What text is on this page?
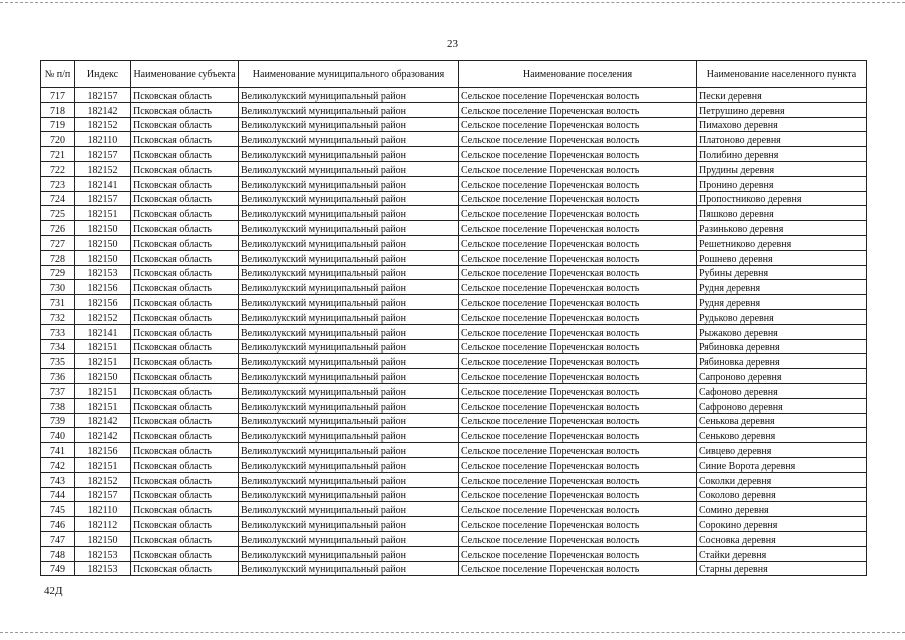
23
№ п/п	Индекс	Наименование субъекта	Наименование муниципального образования	Наименование поселения	Наименование населенного пункта
717	182157	Псковская область	Великолукский муниципальный район	Сельское поселение Пореченская волость	Пески деревня
718	182142	Псковская область	Великолукский муниципальный район	Сельское поселение Пореченская волость	Петрушино деревня
719	182152	Псковская область	Великолукский муниципальный район	Сельское поселение Пореченская волость	Пимахово деревня
720	182110	Псковская область	Великолукский муниципальный район	Сельское поселение Пореченская волость	Платоново деревня
721	182157	Псковская область	Великолукский муниципальный район	Сельское поселение Пореченская волость	Полибино деревня
722	182152	Псковская область	Великолукский муниципальный район	Сельское поселение Пореченская волость	Прудины деревня
723	182141	Псковская область	Великолукский муниципальный район	Сельское поселение Пореченская волость	Пронино деревня
724	182157	Псковская область	Великолукский муниципальный район	Сельское поселение Пореченская волость	Пропостниково деревня
725	182151	Псковская область	Великолукский муниципальный район	Сельское поселение Пореченская волость	Пяшково деревня
726	182150	Псковская область	Великолукский муниципальный район	Сельское поселение Пореченская волость	Разиньково деревня
727	182150	Псковская область	Великолукский муниципальный район	Сельское поселение Пореченская волость	Решетниково деревня
728	182150	Псковская область	Великолукский муниципальный район	Сельское поселение Пореченская волость	Рошнево деревня
729	182153	Псковская область	Великолукский муниципальный район	Сельское поселение Пореченская волость	Рубины деревня
730	182156	Псковская область	Великолукский муниципальный район	Сельское поселение Пореченская волость	Рудня деревня
731	182156	Псковская область	Великолукский муниципальный район	Сельское поселение Пореченская волость	Рудня деревня
732	182152	Псковская область	Великолукский муниципальный район	Сельское поселение Пореченская волость	Рудьково деревня
733	182141	Псковская область	Великолукский муниципальный район	Сельское поселение Пореченская волость	Рыжаково деревня
734	182151	Псковская область	Великолукский муниципальный район	Сельское поселение Пореченская волость	Рябиновка деревня
735	182151	Псковская область	Великолукский муниципальный район	Сельское поселение Пореченская волость	Рябиновка деревня
736	182150	Псковская область	Великолукский муниципальный район	Сельское поселение Пореченская волость	Сапроново деревня
737	182151	Псковская область	Великолукский муниципальный район	Сельское поселение Пореченская волость	Сафоново деревня
738	182151	Псковская область	Великолукский муниципальный район	Сельское поселение Пореченская волость	Сафроново деревня
739	182142	Псковская область	Великолукский муниципальный район	Сельское поселение Пореченская волость	Сенькова деревня
740	182142	Псковская область	Великолукский муниципальный район	Сельское поселение Пореченская волость	Сеньково деревня
741	182156	Псковская область	Великолукский муниципальный район	Сельское поселение Пореченская волость	Сивцево деревня
742	182151	Псковская область	Великолукский муниципальный район	Сельское поселение Пореченская волость	Синие Ворота деревня
743	182152	Псковская область	Великолукский муниципальный район	Сельское поселение Пореченская волость	Соколки деревня
744	182157	Псковская область	Великолукский муниципальный район	Сельское поселение Пореченская волость	Соколово деревня
745	182110	Псковская область	Великолукский муниципальный район	Сельское поселение Пореченская волость	Сомино деревня
746	182112	Псковская область	Великолукский муниципальный район	Сельское поселение Пореченская волость	Сорокино деревня
747	182150	Псковская область	Великолукский муниципальный район	Сельское поселение Пореченская волость	Сосновка деревня
748	182153	Псковская область	Великолукский муниципальный район	Сельское поселение Пореченская волость	Стайки деревня
749	182153	Псковская область	Великолукский муниципальный район	Сельское поселение Пореченская волость	Старны деревня
42Д
